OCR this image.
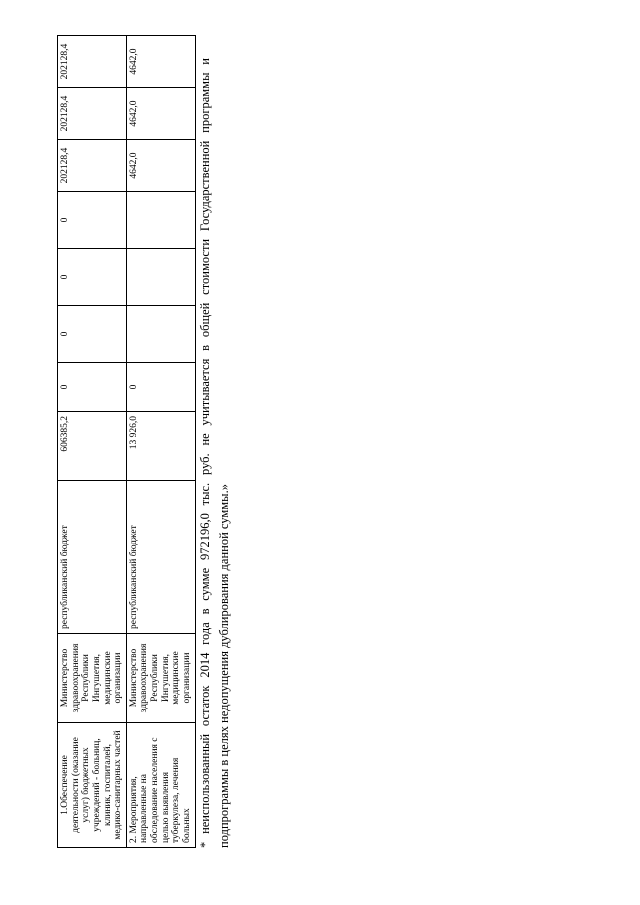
1.Обеспечение деятельности (оказание услуг) бюджетных учреждений - больниц, клиник, госпиталей, медико-санитарных частей	Министерство здравоохранения Республики Ингушетия, медицинские организации	республиканский бюджет	606385,2	0	0	0	0	202128,4	202128,4	202128,4
2. Мероприятия, направленные на обследование населения с целью выявления туберкулеза, лечения больных	Министерство здравоохранения Республики Ингушетия, медицинские организации	республиканский бюджет	13 926,0	0				4642,0	4642,0	4642,0	* неиспользованный остаток 2014 года в сумме 972196,0 тыс. руб. не учитывается в общей стоимости Государственной программы и подпрограммы в целях недопущения дублирования данной суммы.»
